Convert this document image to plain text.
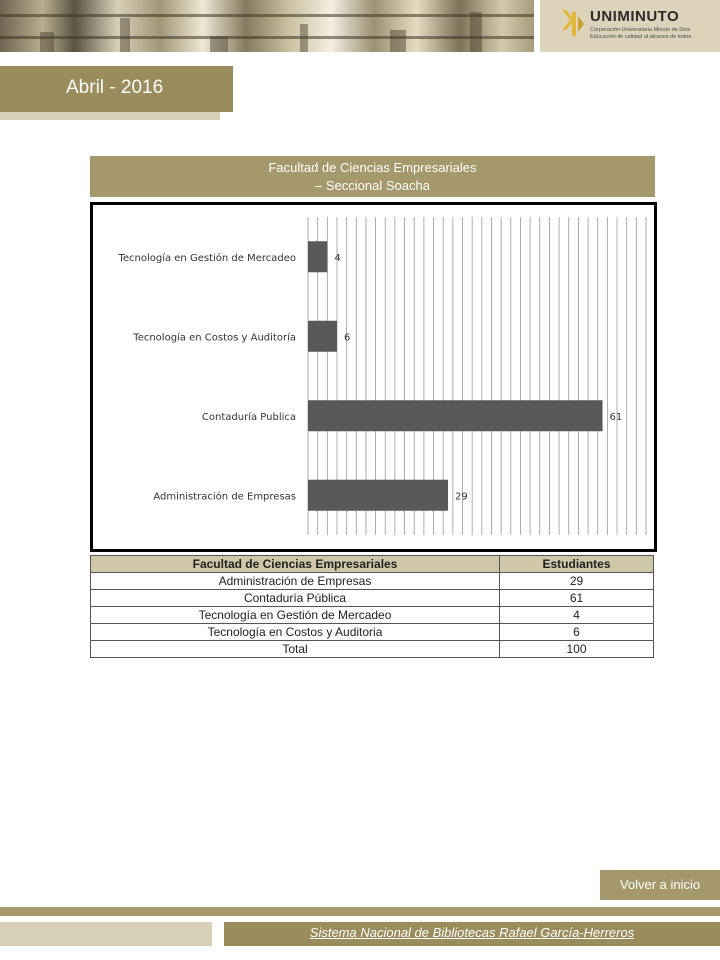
UNIMINUTO
Corporación Universitaria Minuto de Dios
Educación de calidad al alcance de todos
Abril - 2016
Facultad de Ciencias Empresariales
– Seccional Soacha
Tecnología en Gestión de Mercadeo	4
Tecnología en Costos y Auditoría	6
Contaduría Publica	61
Administración de Empresas	29
Facultad de Ciencias Empresariales	Estudiantes
Administración de Empresas	29
Contaduría Pública	61
Tecnología en Gestión de Mercadeo	4
Tecnología en Costos y Auditoria	6
Total	100
Volver a inicio
Sistema Nacional de Bibliotecas Rafael García-Herreros
